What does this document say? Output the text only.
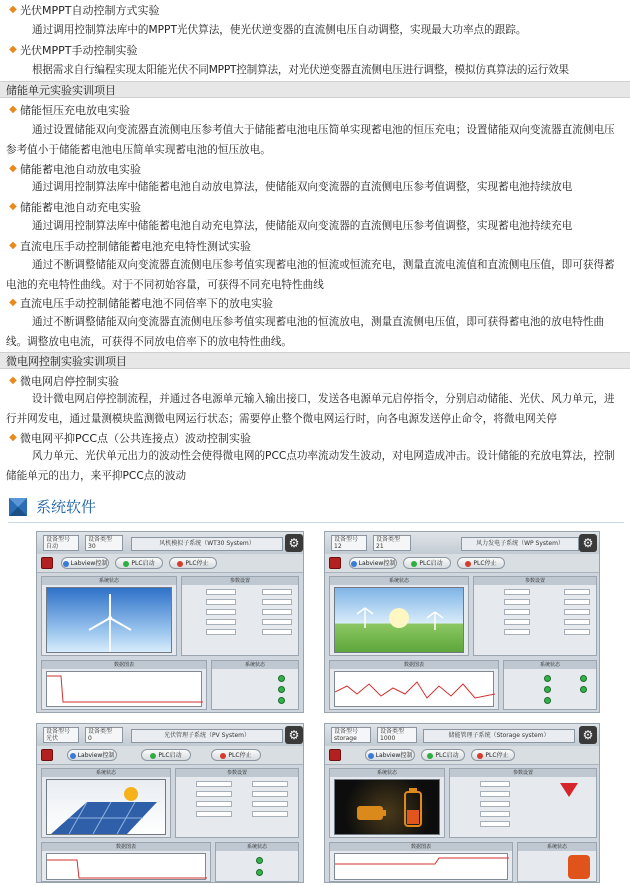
◆ 光伏MPPT自动控制方式实验
通过调用控制算法库中的MPPT光伏算法，使光伏逆变器的直流侧电压自动调整，实现最大功率点的跟踪。
◆ 光伏MPPT手动控制实验
根据需求自行编程实现太阳能光伏不同MPPT控制算法，对光伏逆变器直流侧电压进行调整，模拟仿真算法的运行效果
储能单元实验实训项目
◆ 储能恒压充电放电实验
通过设置储能双向变流器直流侧电压参考值大于储能蓄电池电压简单实现蓄电池的恒压充电；设置储能双向变流器直流侧电压参考值小于储能蓄电池电压简单实现蓄电池的恒压放电。
◆ 储能蓄电池自动放电实验
通过调用控制算法库中储能蓄电池自动放电算法，使储能双向变流器的直流侧电压参考值调整，实现蓄电池持续放电
◆ 储能蓄电池自动充电实验
通过调用控制算法库中储能蓄电池自动充电算法，使储能双向变流器的直流侧电压参考值调整，实现蓄电池持续充电
◆ 直流电压手动控制储能蓄电池充电特性测试实验
通过不断调整储能双向变流器直流侧电压参考值实现蓄电池的恒流或恒流充电，测量直流电流值和直流侧电压值，即可获得蓄电池的充电特性曲线。对于不同初始容量，可获得不同充电特性曲线
◆ 直流电压手动控制储能蓄电池不同倍率下的放电实验
通过不断调整储能双向变流器直流侧电压参考值实现蓄电池的恒流放电，测量直流侧电压值，即可获得蓄电池的放电特性曲线。调整放电电流，可获得不同放电倍率下的放电特性曲线。
微电网控制实验实训项目
◆ 微电网启停控制实验
设计微电网启停控制流程，并通过各电源单元输入输出接口，发送各电源单元启停指令，分别启动储能、光伏、风力单元，进行并网发电，通过量测模块监测微电网运行状态；需要停止整个微电网运行时，向各电源发送停止命令，将微电网关停
◆ 微电网平抑PCC点（公共连接点）波动控制实验
风力单元、光伏单元出力的波动性会使得微电网的PCC点功率流动发生波动，对电网造成冲击。设计储能的充放电算法，控制储能单元的出力，来平抑PCC点的波动
系统软件
设备型号
自动
设备类型
30	风机模拟子系统（WT30 System）	⚙
Labview控制	PLC启动	PLC停止
系统状态	参数设置
数据图表	系统状态
设备型号
12
设备类型
21	风力发电子系统（WP System）	⚙
Labview控制	PLC启动	PLC停止
系统状态	参数设置
数据图表	系统状态
设备型号
光伏
设备类型
0	光伏管理子系统（PV System）	⚙
Labview控制	PLC启动	PLC停止
系统状态	参数设置
数据图表	系统状态
设备型号
storage
设备类型
1000	储能管理子系统（Storage system）	⚙
Labview控制	PLC启动	PLC停止
系统状态	参数设置
数据图表	系统状态
